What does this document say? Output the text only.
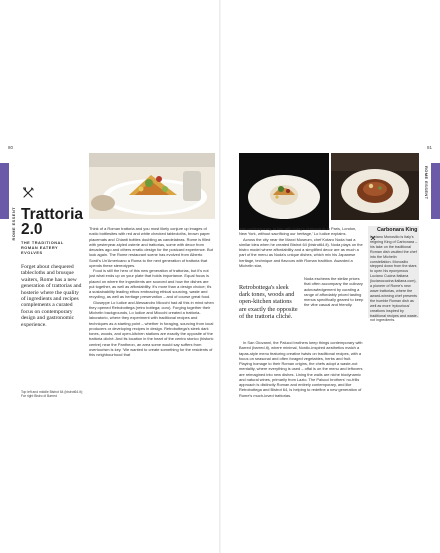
80	81
ROME ESSENT
ROME ESSENT
Trattoria 2.0
THE TRADITIONAL ROMAN EATERY EVOLVES
Forget about chequered tablecloths and brusque waiters, Rome has a new generation of trattorias and hosterie where the quality of ingredients and recipes complements a curated focus on contemporary design and gastronomic experience.
Top left and middle Bistrot 64 (bistrot64.it); Far right Bistro di Barred

Think of a Roman trattoria and you most likely conjure up images of rustic bottlesites with red and white checked tablecloths, brown paper placemats and Chianti bottles doubling as candelabras. Rome is filled with yesteryear-styled osterie and trattorias, some with decor from decades ago and others erratic design for the postcard experience. But look again. The Rome restaurant scene has evolved from Alberto Sordi's Un'Americano a Roma to the next generation of trattoria that upends these stereotypes.

Food is still the hero of this new generation of trattorias, but it's not just what ends up on your plate that holds importance. Equal focus is placed on where the ingredients are sourced and how the dishes are put together, as well as affordability. It's more than a design choice; it's a sustainability leading ethos embracing ethical sourcing, waste and recycling, as well as heritage preservation – and of course great food.

Giuseppe Lo Iudice and Alessandro Miocchi had all this in mind when they opened Retrobottega (retro bottega; coro). Forging together their Michelin backgrounds, Lo Iudice and Miocchi created a trattoria-laboratorio, where they experiment with traditional recipes and techniques as a starting point – whether in foraging, sourcing from local producers or developing recipes in design. Retrobottega's sleek dark tones, woods, and open-kitchen stations are exactly the opposite of the trattoria cliché. And its location in the heart of the centro storico (historic centre) near the Pantheon, an area some would say suffers from overtourism is key. 'We wanted to create something for the residents of this neighbourhood that

was contemporary, in line with today's restaurants in Paris, London, New York, without sacrificing our heritage,' Lo Iudice explains.

Across the city near the Maxxi Museum, chef Kotaro Noda had a similar idea when he created Bistrot 64 (bistrot64.it). Noda plays on the bistro model where affordability and a simplified decor are as much a part of the menu as Noda's unique dishes, which mix his Japanese heritage, technique and flavours with Roman tradition. Awarded a Michelin star,

Retrobottega's sleek dark tones, woods and open-kitchen stations are exactly the opposite of the trattoria cliché.

Noda eschews the stellar prices that often accompany the culinary acknowledgement by curating a range of affordably priced tasting menus specifically geared to keep the vibe casual and friendly.

In San Giovanni, the Palucci brothers keep things contemporary with Barred (barred.it), where minimal, Nordic-inspired aesthetics match a tapas-style menu featuring creative twists on traditional recipes, with a focus on seasonal and often foraged vegetables, herbs and fruit. Playing homage to their Roman origins, the chefs adopt a waste-not mentality, where everything is used – offal is on the menu and leftovers are reimagined into new dishes. Lining the walls are niche biodynamic and natural wines, primarily from Lazio. The Palucci brothers' no-frills approach is distinctly Roman and entirely contemporary, and like Retrobottega and Bistrot 64, is helping to redefine a new generation of Rome's much-loved trattorias.

Carbonara King
Luciano Monosilio is Italy's reigning King of Carbonara – his take on the traditional Roman dish vaulted the chef into the Michelin constellation. Monosilio stepped down from the stars to open his eponymous Luciano Cucina Italiana (lucianocucina italiana.com), a pioneer of Rome's new wave trattorias, where the award-winning chef presents the humble Roman dish as well as more 'epicurious' creations inspired by traditional recipes and waste-not ingredients.
